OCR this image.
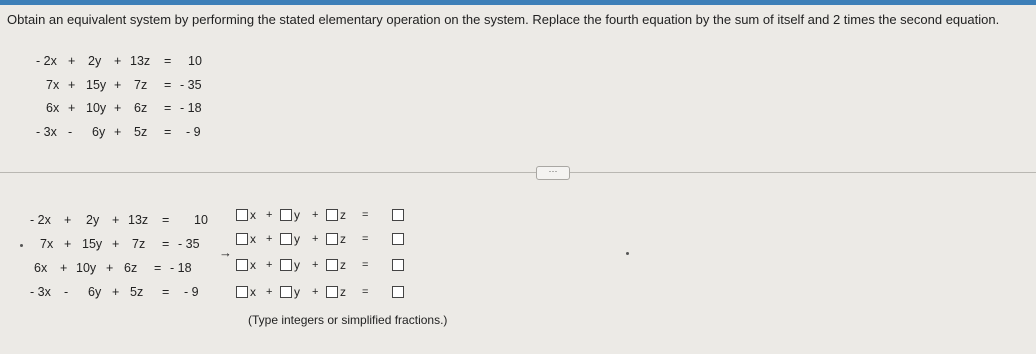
Obtain an equivalent system by performing the stated elementary operation on the system. Replace the fourth equation by the sum of itself and 2 times the second equation.
- 2x + 2y + 13z = 10
7x + 15y + 7z = - 35
6x + 10y + 6z = - 18
- 3x - 6y + 5z = - 9
···
- 2x + 2y + 13z = 10
7x + 15y + 7z = - 35
6x + 10y + 6z = - 18
- 3x - 6y + 5z = - 9
→
x + y + z =
x + y + z =
x + y + z =
x + y + z =
(Type integers or simplified fractions.)
